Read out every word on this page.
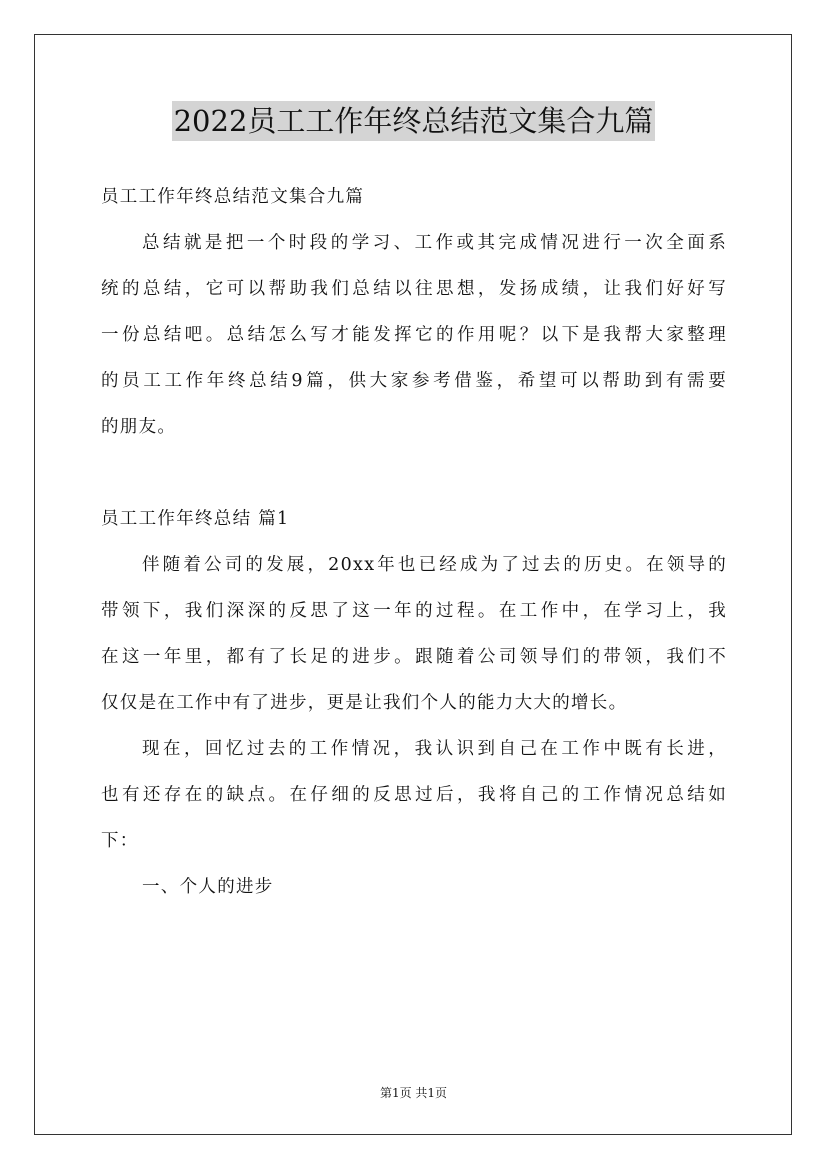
2022员工工作年终总结范文集合九篇
员工工作年终总结范文集合九篇
总结就是把一个时段的学习、工作或其完成情况进行一次全面系
统的总结，它可以帮助我们总结以往思想，发扬成绩，让我们好好写
一份总结吧。总结怎么写才能发挥它的作用呢？以下是我帮大家整理
的员工工作年终总结9篇，供大家参考借鉴，希望可以帮助到有需要
的朋友。
员工工作年终总结 篇1
伴随着公司的发展，20xx年也已经成为了过去的历史。在领导的
带领下，我们深深的反思了这一年的过程。在工作中，在学习上，我
在这一年里，都有了长足的进步。跟随着公司领导们的带领，我们不
仅仅是在工作中有了进步，更是让我们个人的能力大大的增长。
现在，回忆过去的工作情况，我认识到自己在工作中既有长进，
也有还存在的缺点。在仔细的反思过后，我将自己的工作情况总结如
下：
一、个人的进步
第1页 共1页
